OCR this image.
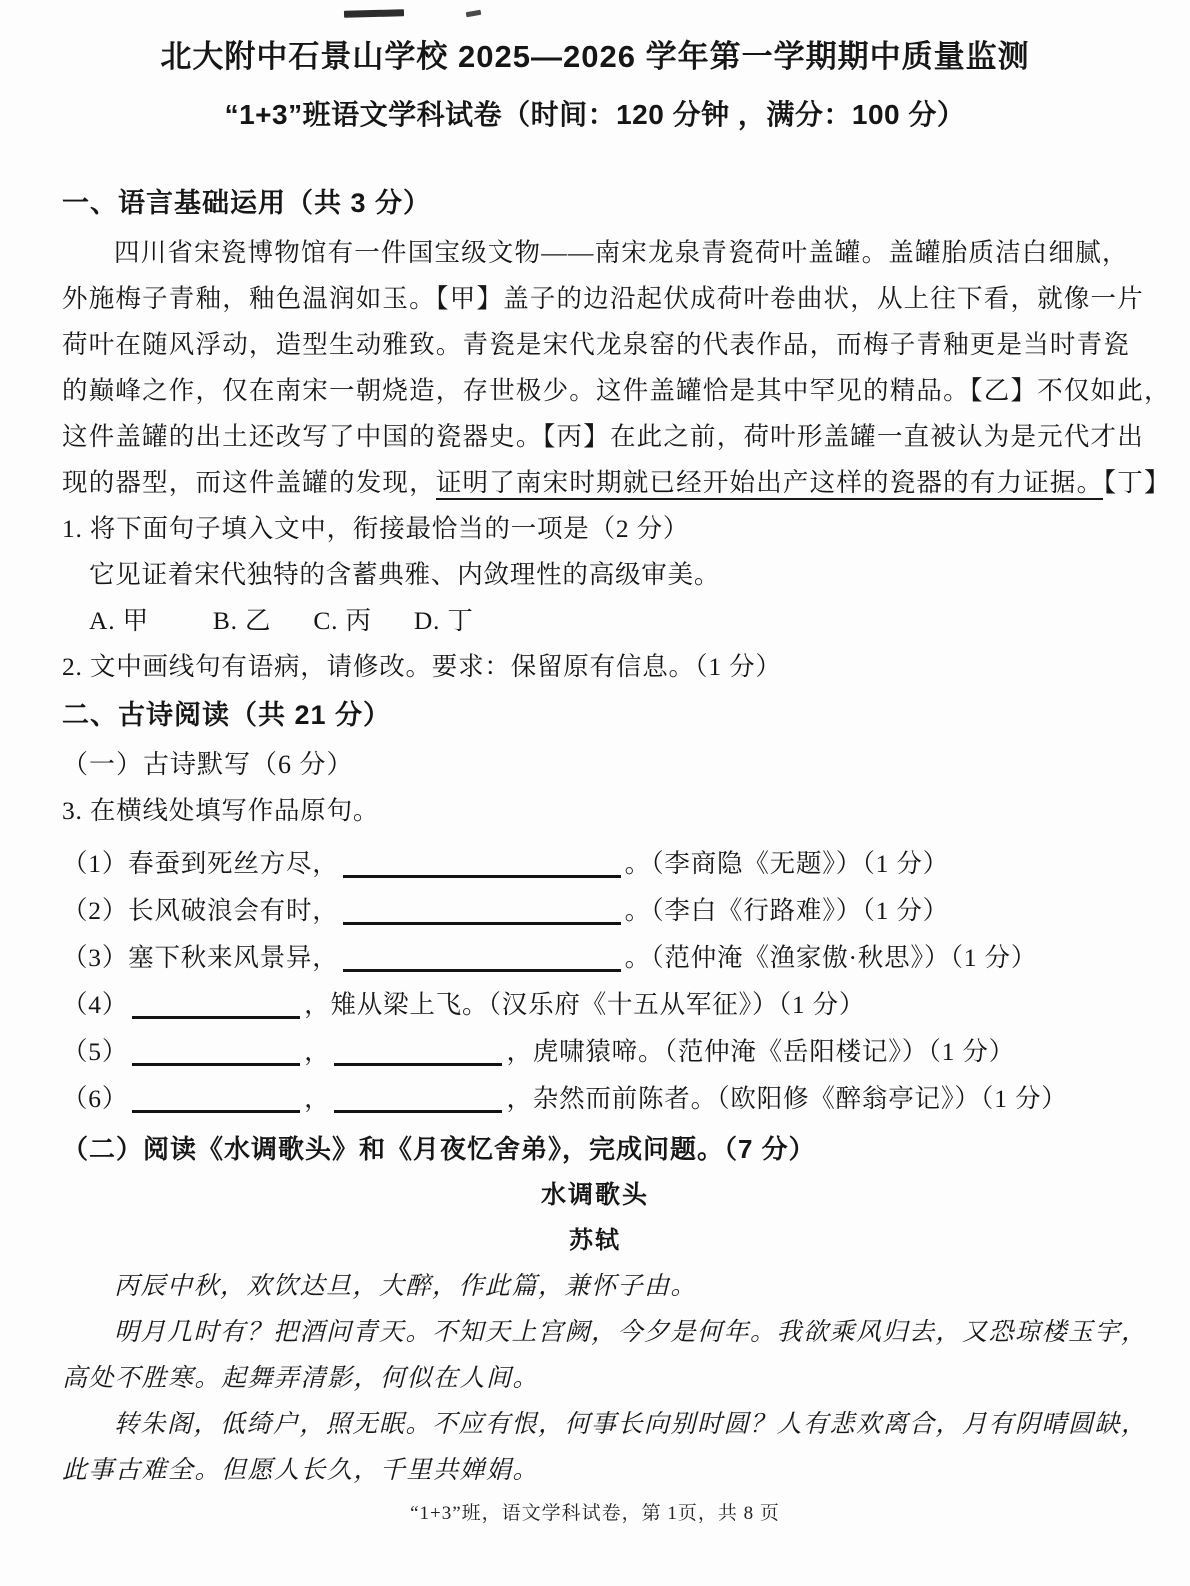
北大附中石景山学校 2025—2026 学年第一学期期中质量监测
“1+3”班语文学科试卷（时间：120 分钟 ，满分：100 分）
一、语言基础运用（共 3 分）
四川省宋瓷博物馆有一件国宝级文物——南宋龙泉青瓷荷叶盖罐。盖罐胎质洁白细腻，
外施梅子青釉，釉色温润如玉。【甲】盖子的边沿起伏成荷叶卷曲状，从上往下看，就像一片
荷叶在随风浮动，造型生动雅致。青瓷是宋代龙泉窑的代表作品，而梅子青釉更是当时青瓷
的巅峰之作，仅在南宋一朝烧造，存世极少。这件盖罐恰是其中罕见的精品。【乙】不仅如此，
这件盖罐的出土还改写了中国的瓷器史。【丙】在此之前，荷叶形盖罐一直被认为是元代才出
现的器型，而这件盖罐的发现，证明了南宋时期就已经开始出产这样的瓷器的有力证据。【丁】
1. 将下面句子填入文中，衔接最恰当的一项是（2 分）
它见证着宋代独特的含蓄典雅、内敛理性的高级审美。
A. 甲	B. 乙 C. 丙 D. 丁
2. 文中画线句有语病，请修改。要求：保留原有信息。（1 分）
二、古诗阅读（共 21 分）
（一）古诗默写（6 分）
3. 在横线处填写作品原句。
（1）春蚕到死丝方尽，	。（李商隐《无题》）（1 分）
（2）长风破浪会有时，	。（李白《行路难》）（1 分）
（3）塞下秋来风景异，	。（范仲淹《渔家傲·秋思》）（1 分）
（4）	，雉从梁上飞。（汉乐府《十五从军征》）（1 分）
（5）	，	，虎啸猿啼。（范仲淹《岳阳楼记》）（1 分）
（6）	，	，杂然而前陈者。（欧阳修《醉翁亭记》）（1 分）
（二）阅读《水调歌头》和《月夜忆舍弟》，完成问题。（7 分）
水调歌头
苏轼
丙辰中秋，欢饮达旦，大醉，作此篇，兼怀子由。
明月几时有？把酒问青天。不知天上宫阙，今夕是何年。我欲乘风归去，又恐琼楼玉宇，
高处不胜寒。起舞弄清影，何似在人间。
转朱阁，低绮户，照无眠。不应有恨，何事长向别时圆？人有悲欢离合，月有阴晴圆缺，
此事古难全。但愿人长久，千里共婵娟。
“1+3”班，语文学科试卷，第 1页，共 8 页
